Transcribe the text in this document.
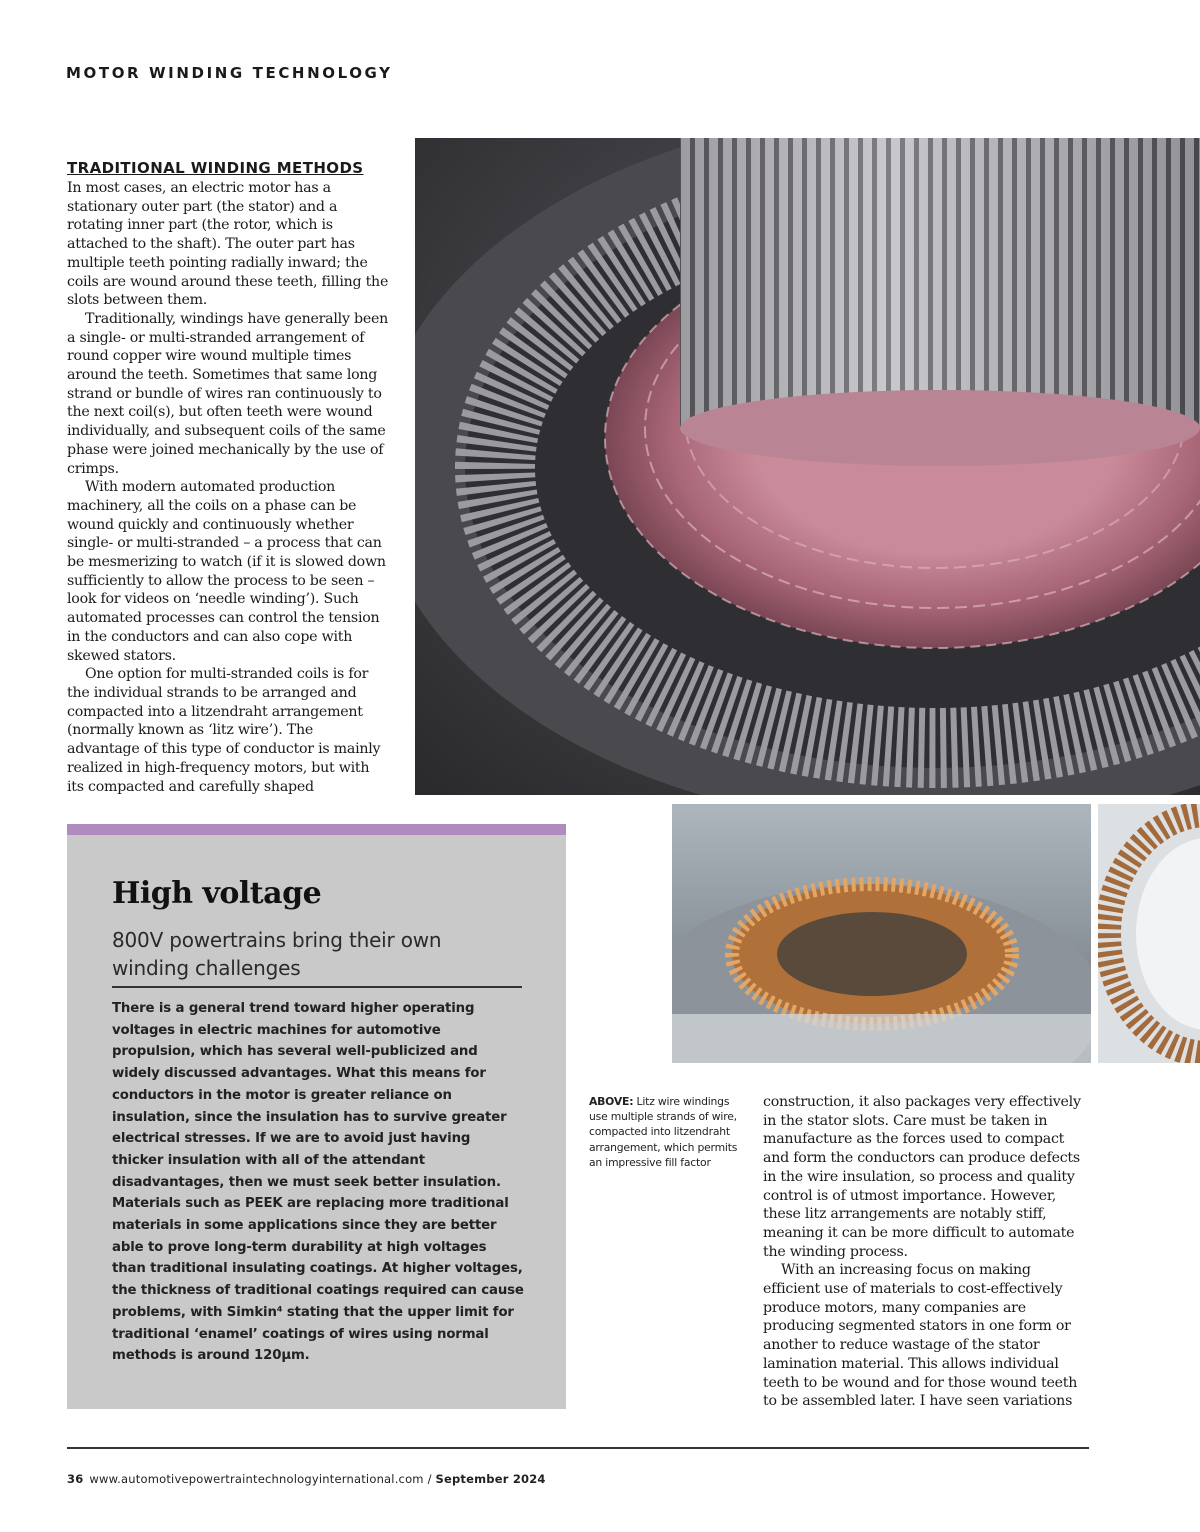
MOTOR WINDING TECHNOLOGY
TRADITIONAL WINDING METHODS

In most cases, an electric motor has a stationary outer part (the stator) and a rotating inner part (the rotor, which is attached to the shaft). The outer part has multiple teeth pointing radially inward; the coils are wound around these teeth, filling the slots between them.

Traditionally, windings have generally been a single- or multi-stranded arrangement of round copper wire wound multiple times around the teeth. Sometimes that same long strand or bundle of wires ran continuously to the next coil(s), but often teeth were wound individually, and subsequent coils of the same phase were joined mechanically by the use of crimps.

With modern automated production machinery, all the coils on a phase can be wound quickly and continuously whether single- or multi-stranded – a process that can be mesmerizing to watch (if it is slowed down sufficiently to allow the process to be seen – look for videos on ‘needle winding’). Such automated processes can control the tension in the conductors and can also cope with skewed stators.

One option for multi-stranded coils is for the individual strands to be arranged and compacted into a litzendraht arrangement (normally known as ‘litz wire’). The advantage of this type of conductor is mainly realized in high-frequency motors, but with its compacted and carefully shaped

High voltage
800V powertrains bring their own winding challenges
There is a general trend toward higher operating voltages in electric machines for automotive propulsion, which has several well-publicized and widely discussed advantages. What this means for conductors in the motor is greater reliance on insulation, since the insulation has to survive greater electrical stresses. If we are to avoid just having thicker insulation with all of the attendant disadvantages, then we must seek better insulation. Materials such as PEEK are replacing more traditional materials in some applications since they are better able to prove long-term durability at high voltages than traditional insulating coatings. At higher voltages, the thickness of traditional coatings required can cause problems, with Simkin⁴ stating that the upper limit for traditional ‘enamel’ coatings of wires using normal methods is around 120μm.
ABOVE: Litz wire windings use multiple strands of wire, compacted into litzendraht arrangement, which permits an impressive fill factor

construction, it also packages very effectively in the stator slots. Care must be taken in manufacture as the forces used to compact and form the conductors can produce defects in the wire insulation, so process and quality control is of utmost importance. However, these litz arrangements are notably stiff, meaning it can be more difficult to automate the winding process.

With an increasing focus on making efficient use of materials to cost-effectively produce motors, many companies are producing segmented stators in one form or another to reduce wastage of the stator lamination material. This allows individual teeth to be wound and for those wound teeth to be assembled later. I have seen variations

36 www.automotivepowertraintechnologyinternational.com / September 2024
